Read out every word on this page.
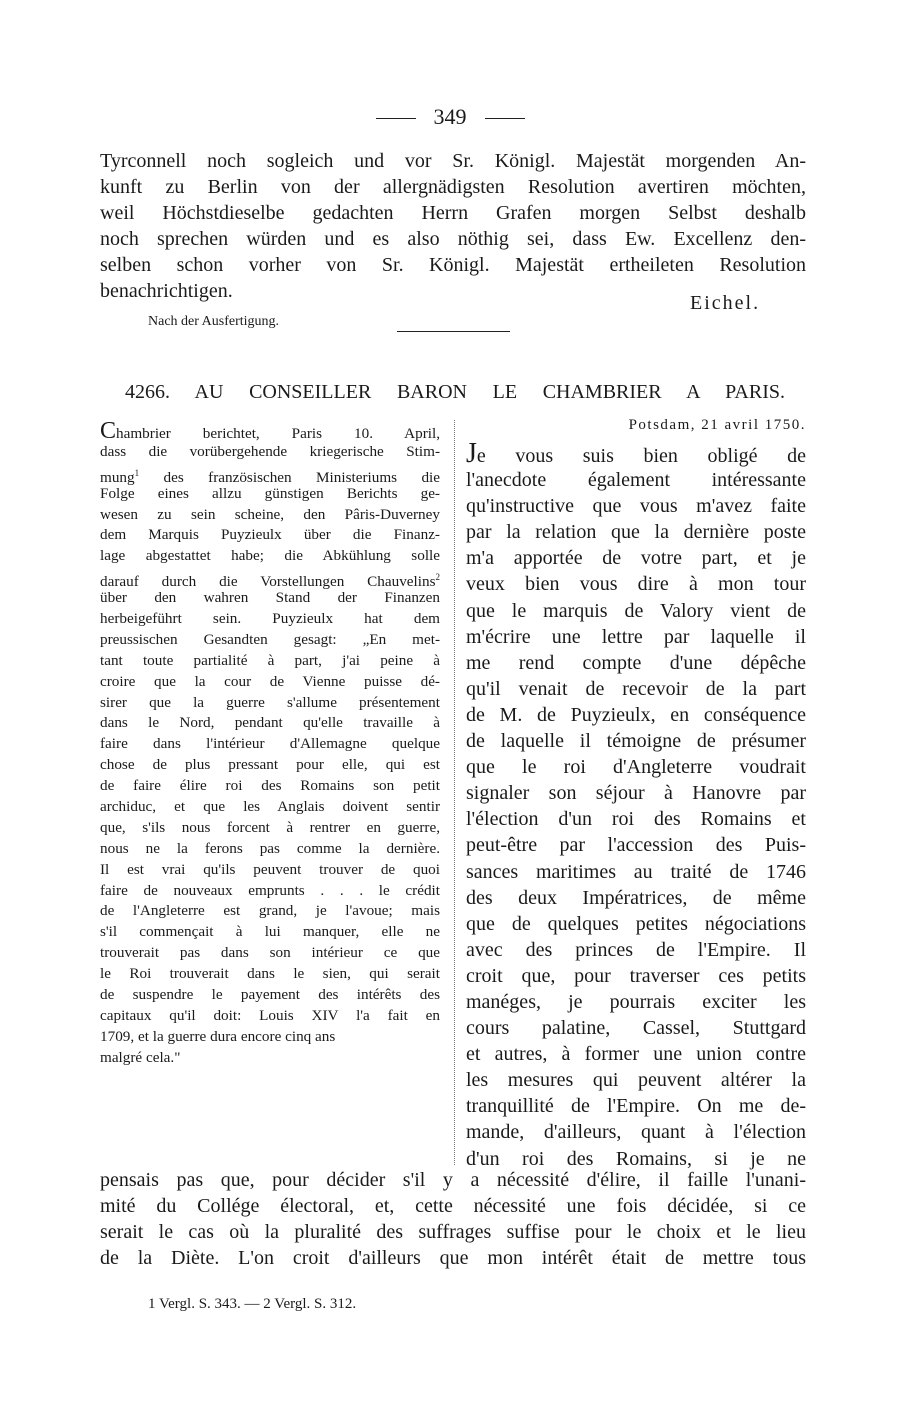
349
Tyrconnell noch sogleich und vor Sr. Königl. Majestät morgenden An-
kunft zu Berlin von der allergnädigsten Resolution avertiren möchten,
weil Höchstdieselbe gedachten Herrn Grafen morgen Selbst deshalb
noch sprechen würden und es also nöthig sei, dass Ew. Excellenz den-
selben schon vorher von Sr. Königl. Majestät ertheileten Resolution
benachrichtigen.
Eichel.
Nach der Ausfertigung.
4266. AU CONSEILLER BARON LE CHAMBRIER A PARIS.
Potsdam, 21 avril 1750.
Chambrier berichtet, Paris 10. April,
dass die vorübergehende kriegerische Stim-
mung$^1$ des französischen Ministeriums die
Folge eines allzu günstigen Berichts ge-
wesen zu sein scheine, den Pâris-Duverney
dem Marquis Puyzieulx über die Finanz-
lage abgestattet habe; die Abkühlung solle
darauf durch die Vorstellungen Chauvelins$^2$
über den wahren Stand der Finanzen
herbeigeführt sein. Puyzieulx hat dem
preussischen Gesandten gesagt: „En met-
tant toute partialité à part, j'ai peine à
croire que la cour de Vienne puisse dé-
sirer que la guerre s'allume présentement
dans le Nord, pendant qu'elle travaille à
faire dans l'intérieur d'Allemagne quelque
chose de plus pressant pour elle, qui est
de faire élire roi des Romains son petit
archiduc, et que les Anglais doivent sentir
que, s'ils nous forcent à rentrer en guerre,
nous ne la ferons pas comme la dernière.
Il est vrai qu'ils peuvent trouver de quoi
faire de nouveaux emprunts . . . le crédit
de l'Angleterre est grand, je l'avoue; mais
s'il commençait à lui manquer, elle ne
trouverait pas dans son intérieur ce que
le Roi trouverait dans le sien, qui serait
de suspendre le payement des intérêts des
capitaux qu'il doit: Louis XIV l'a fait en
1709, et la guerre dura encore cinq ans
malgré cela."
Je vous suis bien obligé de
l'anecdote également intéressante
qu'instructive que vous m'avez faite
par la relation que la dernière poste
m'a apportée de votre part, et je
veux bien vous dire à mon tour
que le marquis de Valory vient de
m'écrire une lettre par laquelle il
me rend compte d'une dépêche
qu'il venait de recevoir de la part
de M. de Puyzieulx, en conséquence
de laquelle il témoigne de présumer
que le roi d'Angleterre voudrait
signaler son séjour à Hanovre par
l'élection d'un roi des Romains et
peut-être par l'accession des Puis-
sances maritimes au traité de 1746
des deux Impératrices, de même
que de quelques petites négociations
avec des princes de l'Empire. Il
croit que, pour traverser ces petits
manéges, je pourrais exciter les
cours palatine, Cassel, Stuttgard
et autres, à former une union contre
les mesures qui peuvent altérer la
tranquillité de l'Empire. On me de-
mande, d'ailleurs, quant à l'élection
d'un roi des Romains, si je ne
pensais pas que, pour décider s'il y a nécessité d'élire, il faille l'unani-
mité du Collége électoral, et, cette nécessité une fois décidée, si ce
serait le cas où la pluralité des suffrages suffise pour le choix et le lieu
de la Diète. L'on croit d'ailleurs que mon intérêt était de mettre tous
1 Vergl. S. 343. — 2 Vergl. S. 312.
